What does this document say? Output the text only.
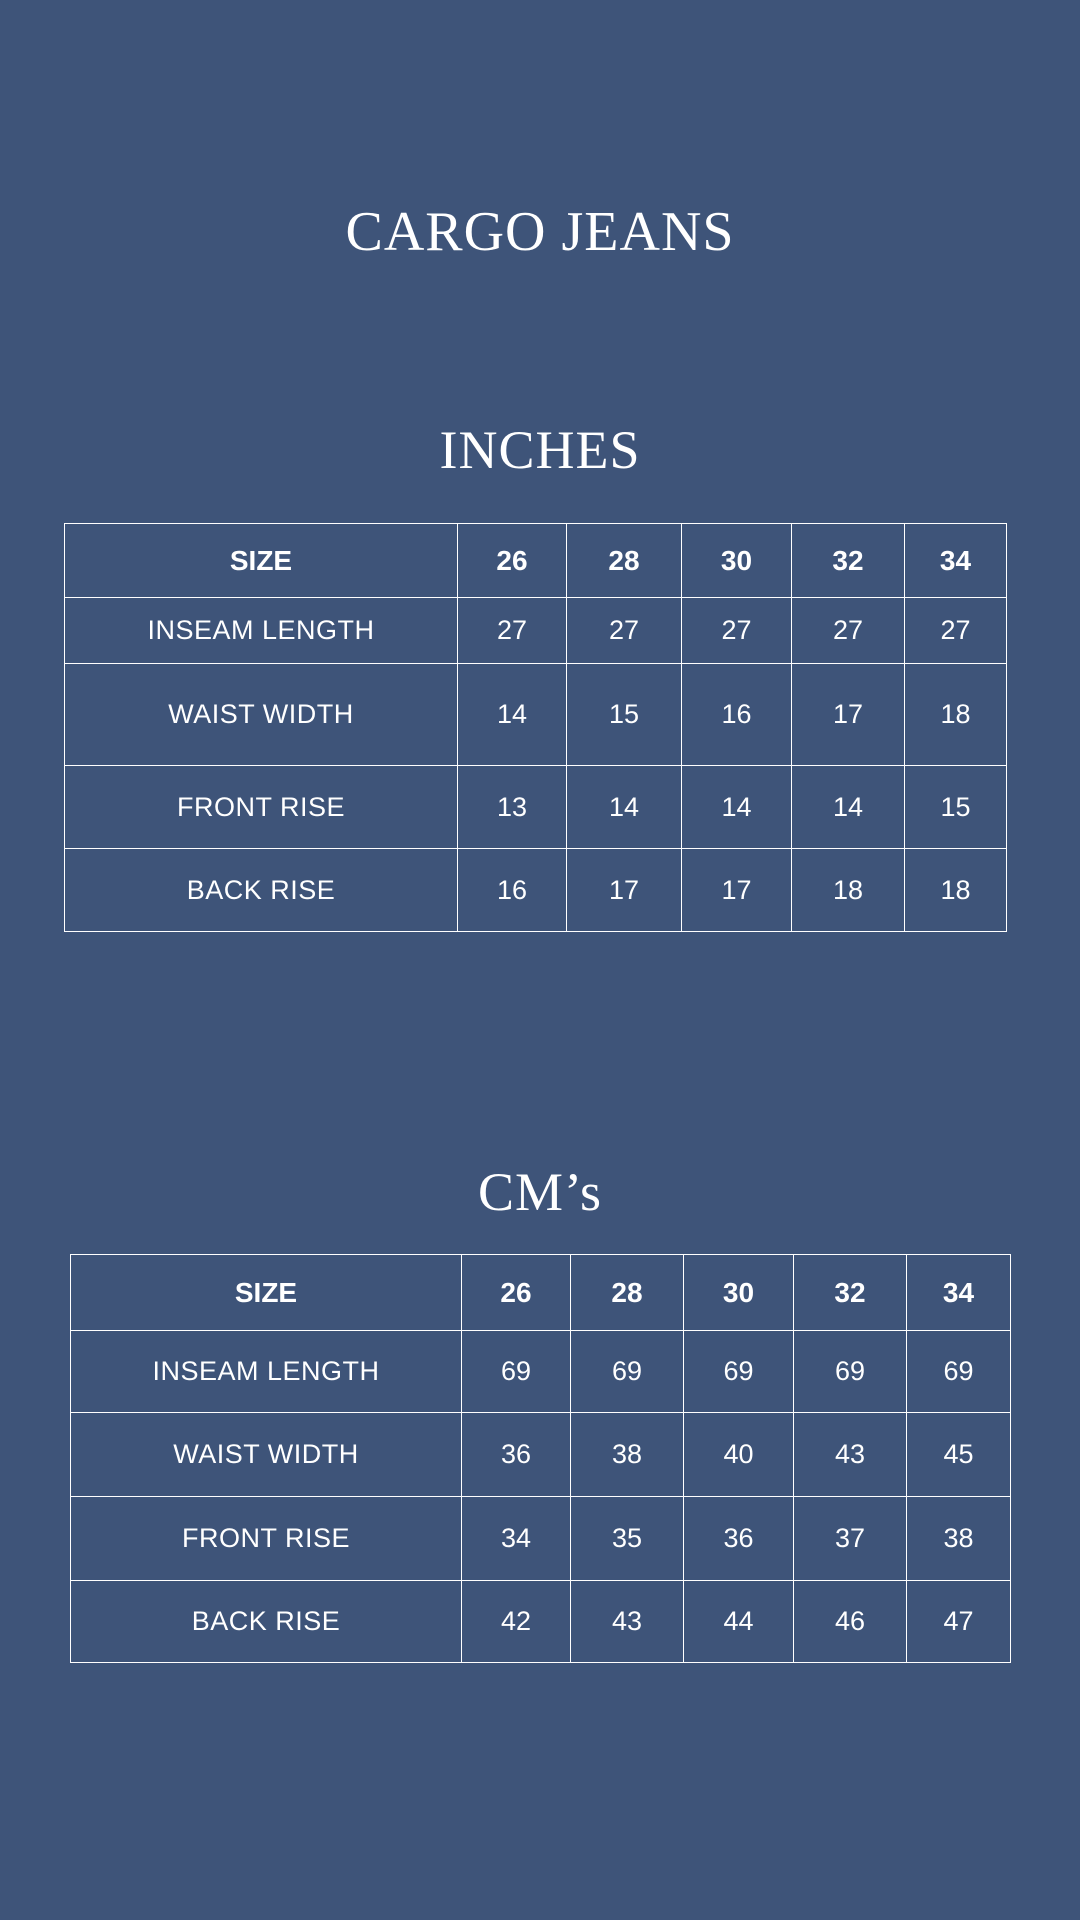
CARGO JEANS
INCHES
SIZE	26	28	30	32	34
INSEAM LENGTH	27	27	27	27	27
WAIST WIDTH	14	15	16	17	18
FRONT RISE	13	14	14	14	15
BACK RISE	16	17	17	18	18
CM’s
SIZE	26	28	30	32	34
INSEAM LENGTH	69	69	69	69	69
WAIST WIDTH	36	38	40	43	45
FRONT RISE	34	35	36	37	38
BACK RISE	42	43	44	46	47
